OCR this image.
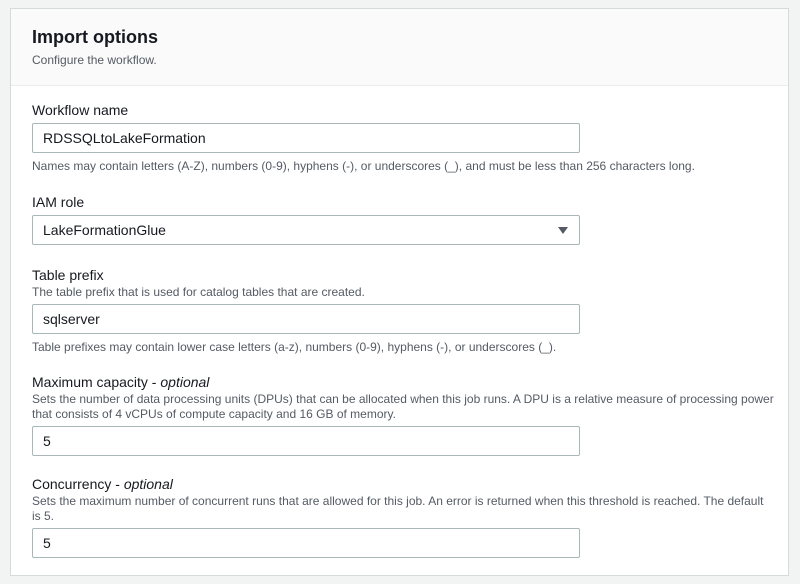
Import options
Configure the workflow.
Workflow name
RDSSQLtoLakeFormation
Names may contain letters (A-Z), numbers (0-9), hyphens (-), or underscores (_), and must be less than 256 characters long.
IAM role
LakeFormationGlue
Table prefix
The table prefix that is used for catalog tables that are created.
sqlserver
Table prefixes may contain lower case letters (a-z), numbers (0-9), hyphens (-), or underscores (_).
Maximum capacity - optional
Sets the number of data processing units (DPUs) that can be allocated when this job runs. A DPU is a relative measure of processing power
that consists of 4 vCPUs of compute capacity and 16 GB of memory.
5
Concurrency - optional
Sets the maximum number of concurrent runs that are allowed for this job. An error is returned when this threshold is reached. The default
is 5.
5
